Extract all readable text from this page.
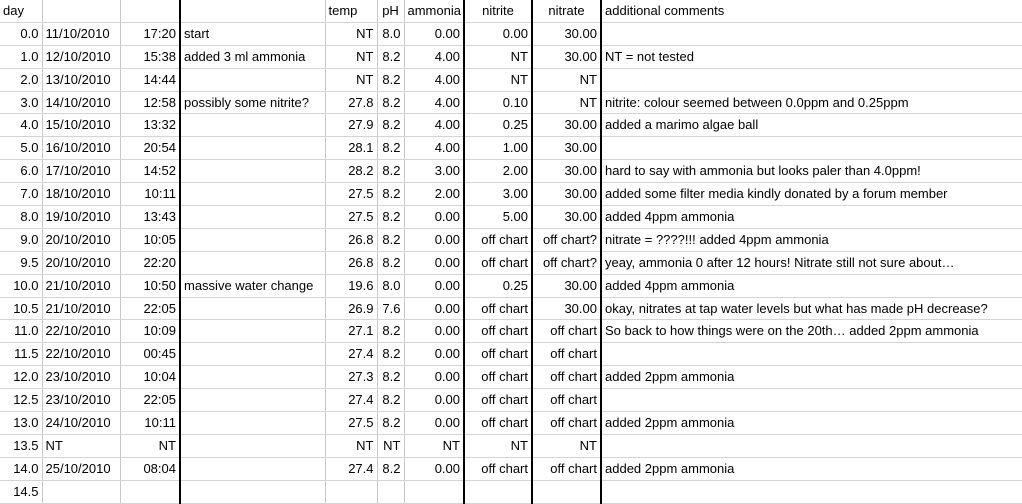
day				temp	pH	ammonia	nitrite	nitrate	additional comments
0.0	11/10/2010	17:20	start	NT	8.0	0.00	0.00	30.00	
1.0	12/10/2010	15:38	added 3 ml ammonia	NT	8.2	4.00	NT	30.00	NT = not tested
2.0	13/10/2010	14:44		NT	8.2	4.00	NT	NT	
3.0	14/10/2010	12:58	possibly some nitrite?	27.8	8.2	4.00	0.10	NT	nitrite: colour seemed between 0.0ppm and 0.25ppm
4.0	15/10/2010	13:32		27.9	8.2	4.00	0.25	30.00	added a marimo algae ball
5.0	16/10/2010	20:54		28.1	8.2	4.00	1.00	30.00	
6.0	17/10/2010	14:52		28.2	8.2	3.00	2.00	30.00	hard to say with ammonia but looks paler than 4.0ppm!
7.0	18/10/2010	10:11		27.5	8.2	2.00	3.00	30.00	added some filter media kindly donated by a forum member
8.0	19/10/2010	13:43		27.5	8.2	0.00	5.00	30.00	added 4ppm ammonia
9.0	20/10/2010	10:05		26.8	8.2	0.00	off chart	off chart?	nitrate = ????!!! added 4ppm ammonia
9.5	20/10/2010	22:20		26.8	8.2	0.00	off chart	off chart?	yeay, ammonia 0 after 12 hours! Nitrate still not sure about…
10.0	21/10/2010	10:50	massive water change	19.6	8.0	0.00	0.25	30.00	added 4ppm ammonia
10.5	21/10/2010	22:05		26.9	7.6	0.00	off chart	30.00	okay, nitrates at tap water levels but what has made pH decrease?
11.0	22/10/2010	10:09		27.1	8.2	0.00	off chart	off chart	So back to how things were on the 20th… added 2ppm ammonia
11.5	22/10/2010	00:45		27.4	8.2	0.00	off chart	off chart	
12.0	23/10/2010	10:04		27.3	8.2	0.00	off chart	off chart	added 2ppm ammonia
12.5	23/10/2010	22:05		27.4	8.2	0.00	off chart	off chart	
13.0	24/10/2010	10:11		27.5	8.2	0.00	off chart	off chart	added 2ppm ammonia
13.5	NT	NT		NT	NT	NT	NT	NT	
14.0	25/10/2010	08:04		27.4	8.2	0.00	off chart	off chart	added 2ppm ammonia
14.5									
